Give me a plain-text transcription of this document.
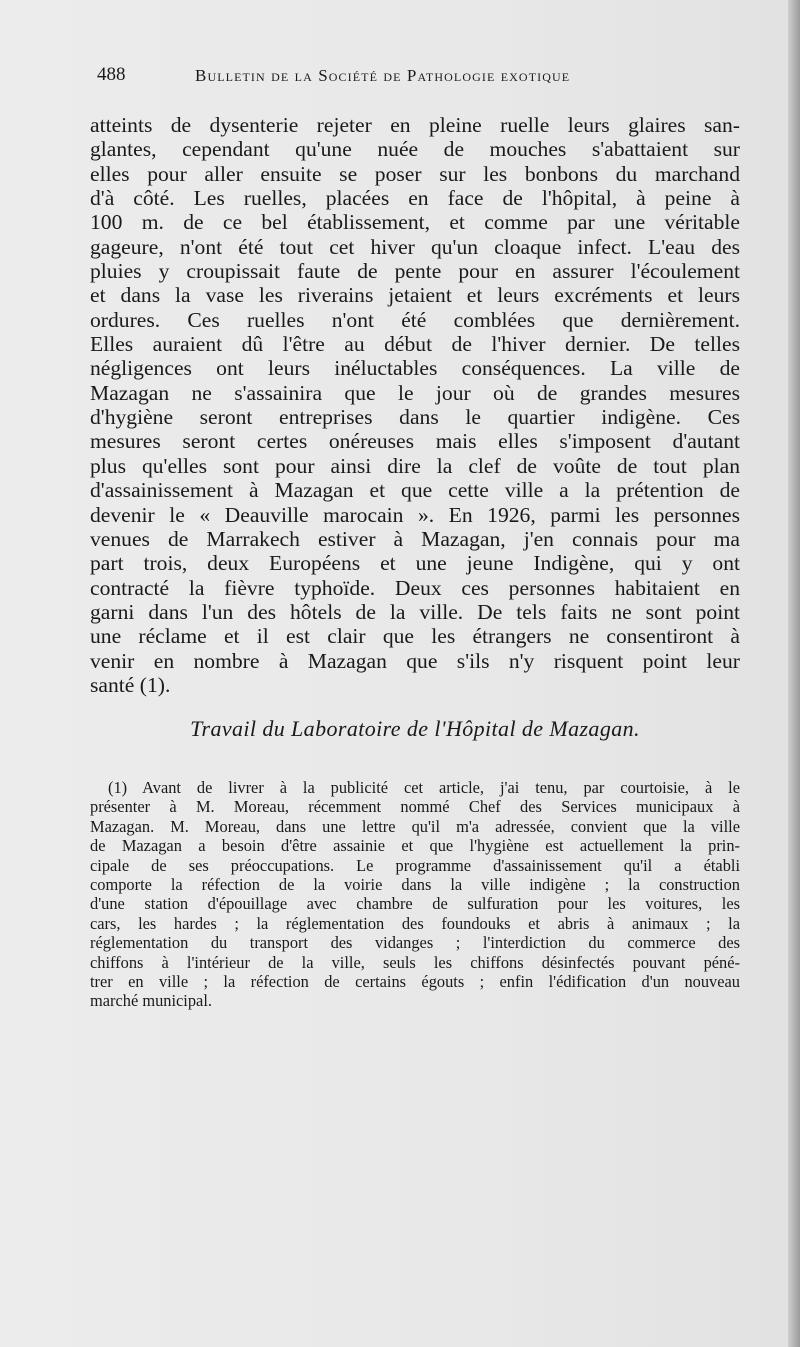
488	Bulletin de la Société de Pathologie exotique
atteints de dysenterie rejeter en pleine ruelle leurs glaires san-
glantes, cependant qu'une nuée de mouches s'abattaient sur
elles pour aller ensuite se poser sur les bonbons du marchand
d'à côté. Les ruelles, placées en face de l'hôpital, à peine à
100 m. de ce bel établissement, et comme par une véritable
gageure, n'ont été tout cet hiver qu'un cloaque infect. L'eau des
pluies y croupissait faute de pente pour en assurer l'écoulement
et dans la vase les riverains jetaient et leurs excréments et leurs
ordures. Ces ruelles n'ont été comblées que dernièrement.
Elles auraient dû l'être au début de l'hiver dernier. De telles
négligences ont leurs inéluctables conséquences. La ville de
Mazagan ne s'assainira que le jour où de grandes mesures
d'hygiène seront entreprises dans le quartier indigène. Ces
mesures seront certes onéreuses mais elles s'imposent d'autant
plus qu'elles sont pour ainsi dire la clef de voûte de tout plan
d'assainissement à Mazagan et que cette ville a la prétention de
devenir le « Deauville marocain ». En 1926, parmi les personnes
venues de Marrakech estiver à Mazagan, j'en connais pour ma
part trois, deux Européens et une jeune Indigène, qui y ont
contracté la fièvre typhoïde. Deux ces personnes habitaient en
garni dans l'un des hôtels de la ville. De tels faits ne sont point
une réclame et il est clair que les étrangers ne consentiront à
venir en nombre à Mazagan que s'ils n'y risquent point leur
santé (1).
Travail du Laboratoire de l'Hôpital de Mazagan.
(1) Avant de livrer à la publicité cet article, j'ai tenu, par courtoisie, à le
présenter à M. Moreau, récemment nommé Chef des Services municipaux à
Mazagan. M. Moreau, dans une lettre qu'il m'a adressée, convient que la ville
de Mazagan a besoin d'être assainie et que l'hygiène est actuellement la prin-
cipale de ses préoccupations. Le programme d'assainissement qu'il a établi
comporte la réfection de la voirie dans la ville indigène ; la construction
d'une station d'épouillage avec chambre de sulfuration pour les voitures, les
cars, les hardes ; la réglementation des foundouks et abris à animaux ; la
réglementation du transport des vidanges ; l'interdiction du commerce des
chiffons à l'intérieur de la ville, seuls les chiffons désinfectés pouvant péné-
trer en ville ; la réfection de certains égouts ; enfin l'édification d'un nouveau
marché municipal.
